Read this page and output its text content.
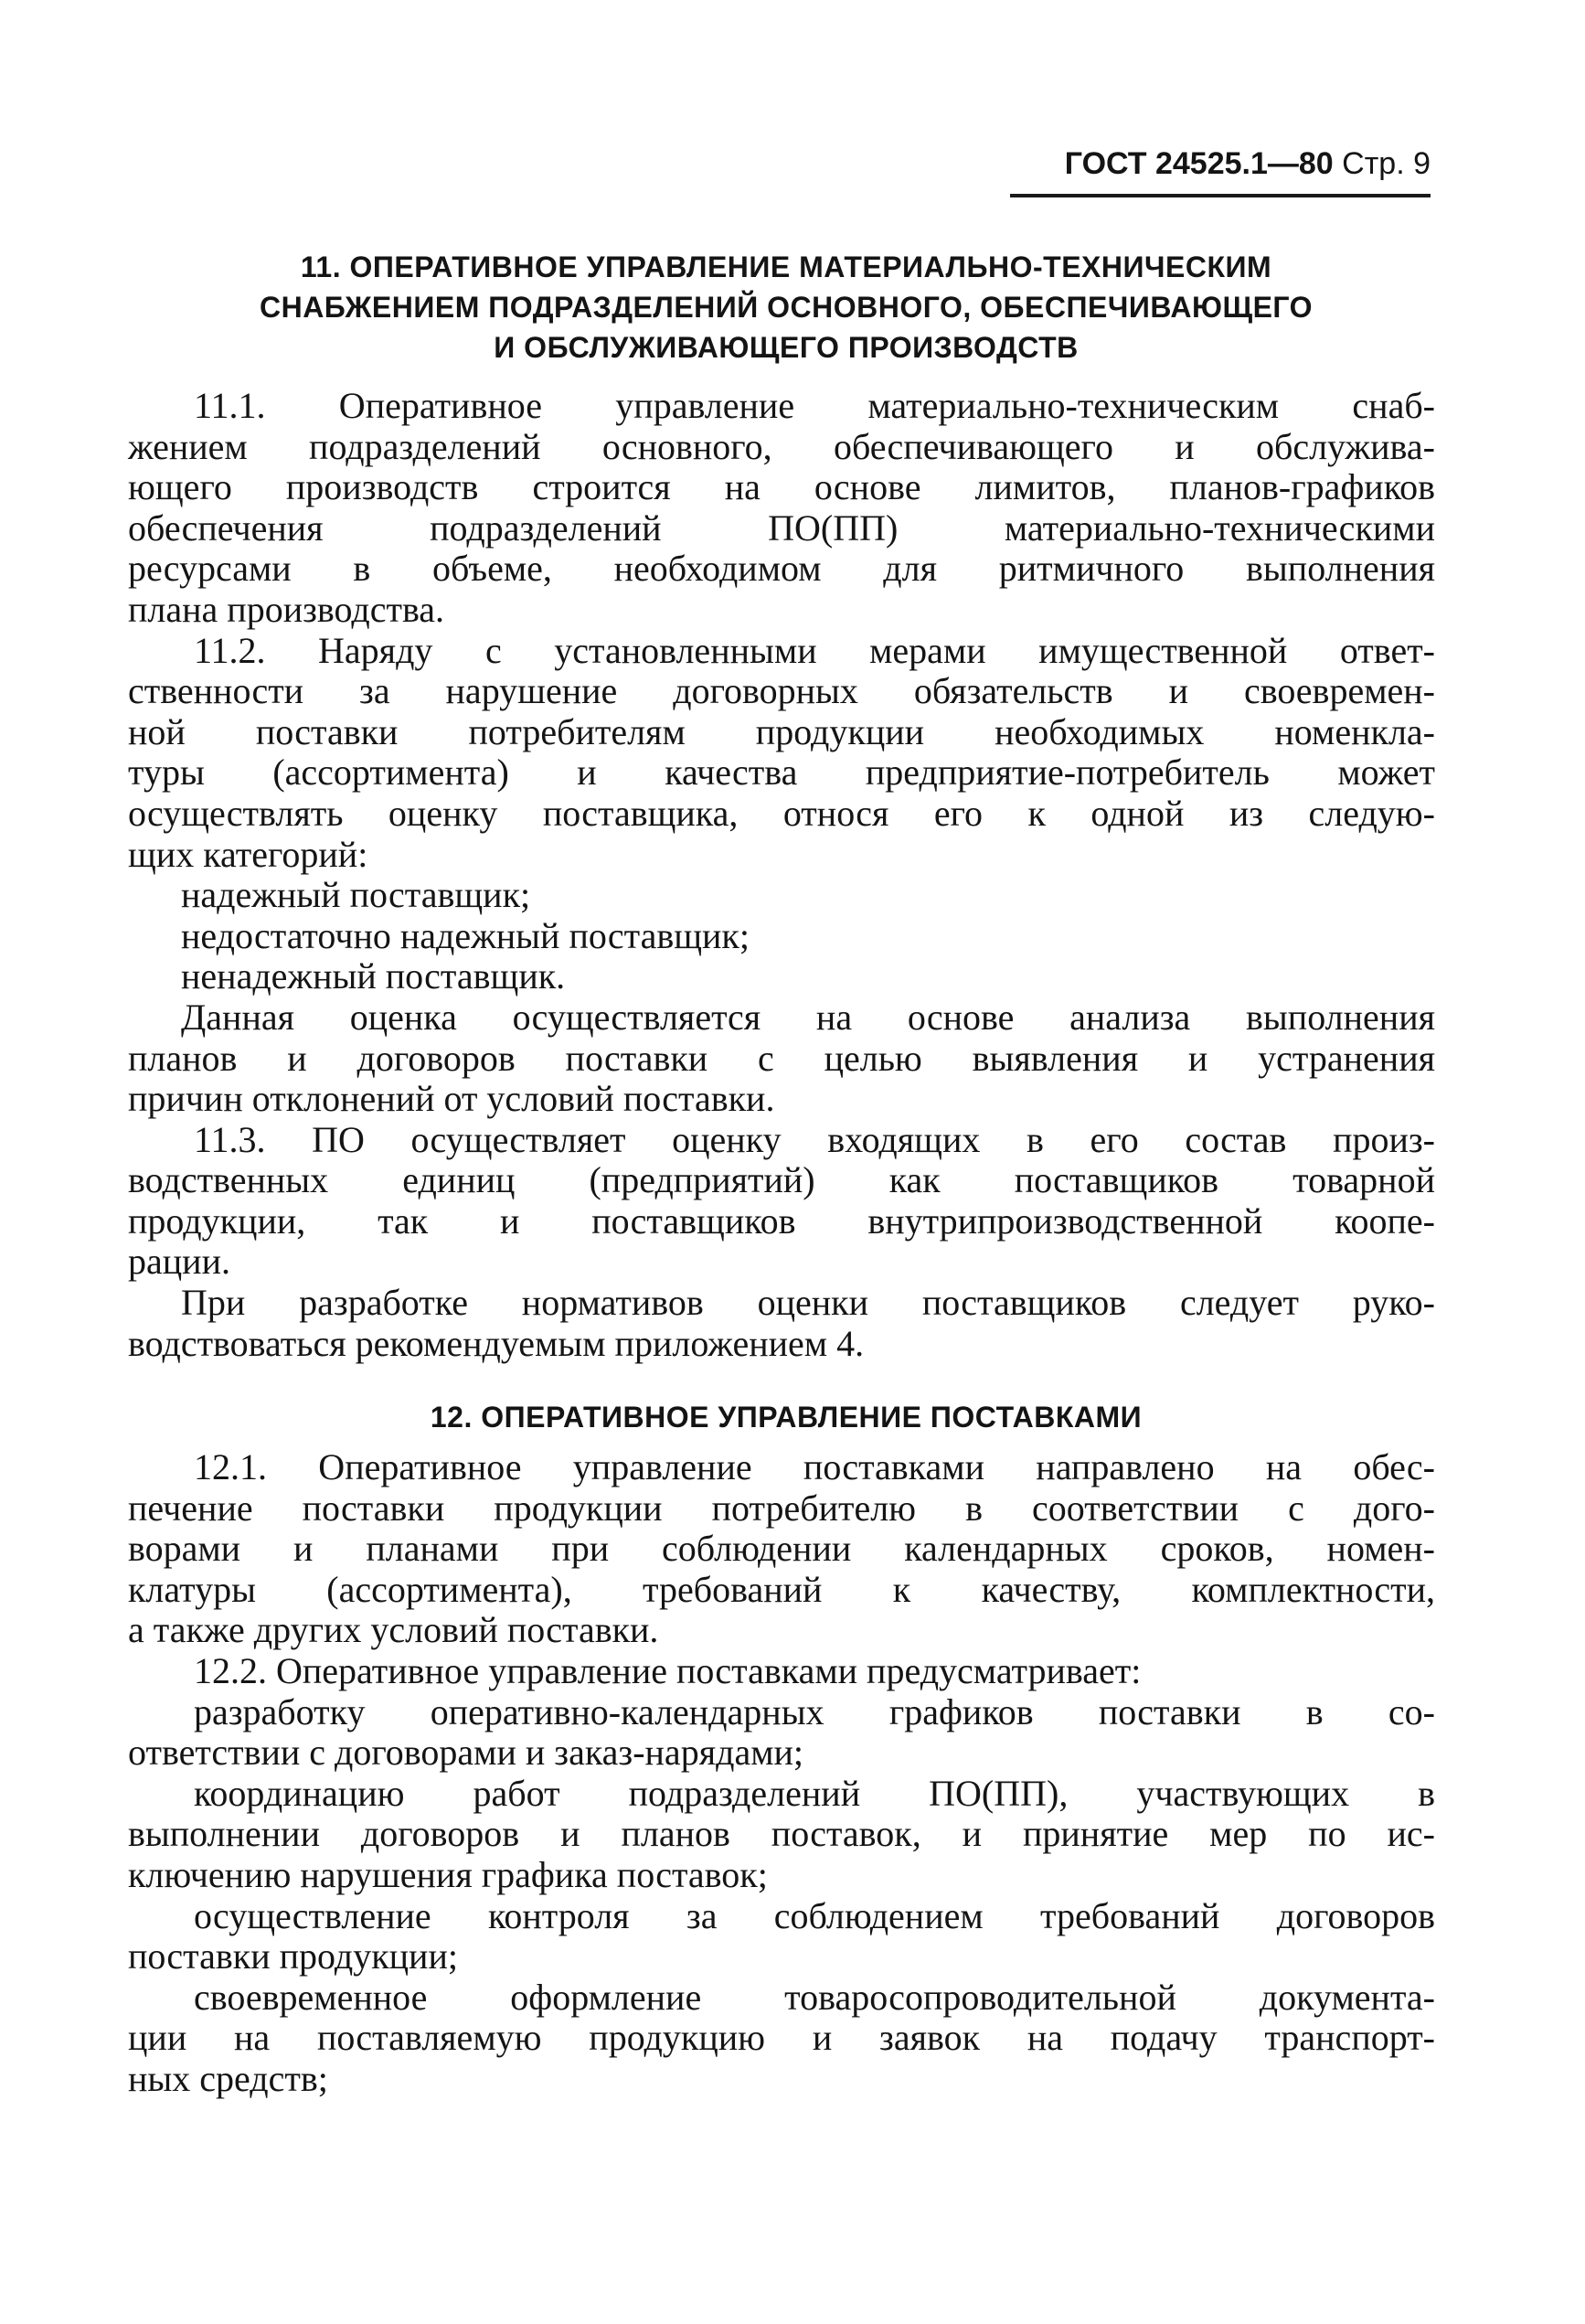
ГОСТ 24525.1—80 Стр. 9
11. ОПЕРАТИВНОЕ УПРАВЛЕНИЕ МАТЕРИАЛЬНО-ТЕХНИЧЕСКИМ
СНАБЖЕНИЕМ ПОДРАЗДЕЛЕНИЙ ОСНОВНОГО, ОБЕСПЕЧИВАЮЩЕГО
И ОБСЛУЖИВАЮЩЕГО ПРОИЗВОДСТВ
11.1. Оперативное управление материально-техническим снаб-
жением подразделений основного, обеспечивающего и обслужива-
ющего производств строится на основе лимитов, планов-графиков
обеспечения подразделений ПО(ПП) материально-техническими
ресурсами в объеме, необходимом для ритмичного выполнения
плана производства.
11.2. Наряду с установленными мерами имущественной ответ-
ственности за нарушение договорных обязательств и своевремен-
ной поставки потребителям продукции необходимых номенкла-
туры (ассортимента) и качества предприятие-потребитель может
осуществлять оценку поставщика, относя его к одной из следую-
щих категорий:
надежный поставщик;
недостаточно надежный поставщик;
ненадежный поставщик.
Данная оценка осуществляется на основе анализа выполнения
планов и договоров поставки с целью выявления и устранения
причин отклонений от условий поставки.
11.3. ПО осуществляет оценку входящих в его состав произ-
водственных единиц (предприятий) как поставщиков товарной
продукции, так и поставщиков внутрипроизводственной коопе-
рации.
При разработке нормативов оценки поставщиков следует руко-
водствоваться рекомендуемым приложением 4.
12. ОПЕРАТИВНОЕ УПРАВЛЕНИЕ ПОСТАВКАМИ
12.1. Оперативное управление поставками направлено на обес-
печение поставки продукции потребителю в соответствии с дого-
ворами и планами при соблюдении календарных сроков, номен-
клатуры (ассортимента), требований к качеству, комплектности,
а также других условий поставки.
12.2. Оперативное управление поставками предусматривает:
разработку оперативно-календарных графиков поставки в со-
ответствии с договорами и заказ-нарядами;
координацию работ подразделений ПО(ПП), участвующих в
выполнении договоров и планов поставок, и принятие мер по ис-
ключению нарушения графика поставок;
осуществление контроля за соблюдением требований договоров
поставки продукции;
своевременное оформление товаросопроводительной документа-
ции на поставляемую продукцию и заявок на подачу транспорт-
ных средств;
